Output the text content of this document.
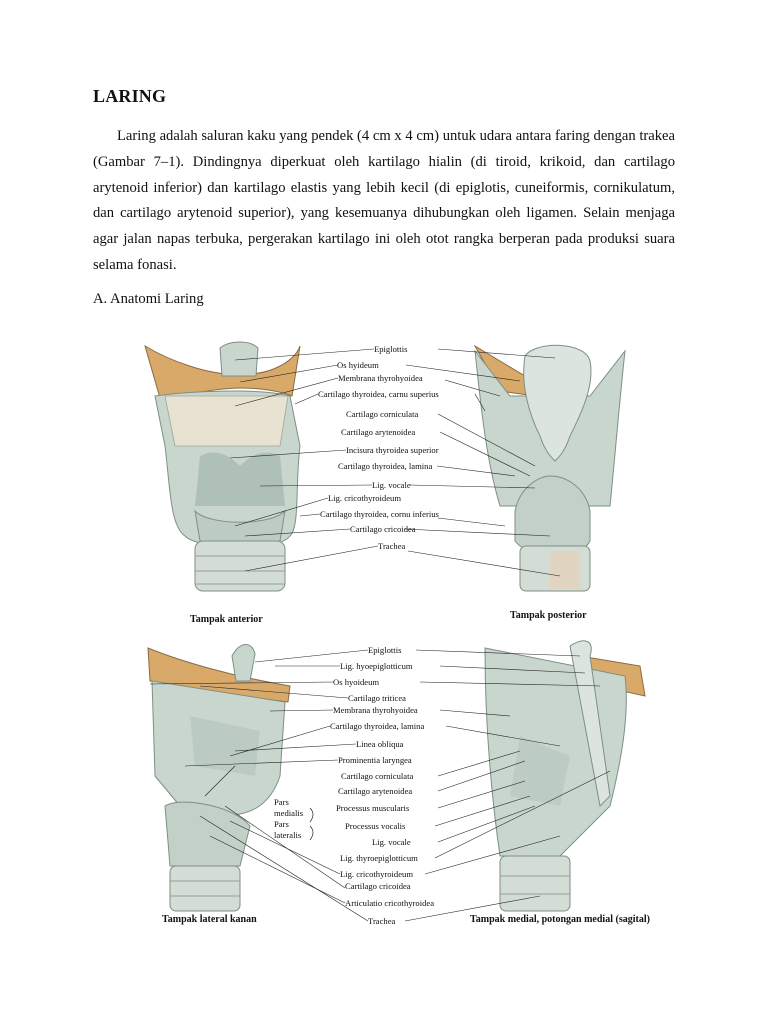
LARING

Laring adalah saluran kaku yang pendek (4 cm x 4 cm) untuk udara antara faring dengan trakea (Gambar 7–1). Dindingnya diperkuat oleh kartilago hialin (di tiroid, krikoid, dan cartilago arytenoid inferior) dan kartilago elastis yang lebih kecil (di epiglotis, cuneiformis, cornikulatum, dan cartilago arytenoid superior), yang kesemuanya dihubungkan oleh ligamen. Selain menjaga agar jalan napas terbuka, pergerakan kartilago ini oleh otot rangka berperan pada produksi suara selama fonasi.

A. Anatomi Laring
Epiglottis
Os hyideum
Membrana thyrohyoidea
Cartilago thyroidea, carnu superius
Cartilago corniculata
Cartilago arytenoidea
Incisura thyroidea superior
Cartilago thyroidea, lamina
Lig. vocale
Lig. cricothyroideum
Cartilago thyroidea, cornu inferius
Cartilago cricoidea
Trachea
Epiglottis
Lig. hyoepiglotticum
Os hyoideum
Cartilago triticea
Membrana thyrohyoidea
Cartilago thyroidea, lamina
Linea obliqua
Prominentia laryngea
Cartilago corniculata
Cartilago arytenoidea
Processus muscularis
Processus vocalis
Lig. vocale
Lig. thyroepiglotticum
Lig. cricothyroideum
Cartilago cricoidea
Articulatio cricothyroidea
Trachea
Pars
medialis
Pars
lateralis
Tampak anterior	Tampak posterior
Tampak lateral kanan	Tampak medial, potongan medial (sagital)
